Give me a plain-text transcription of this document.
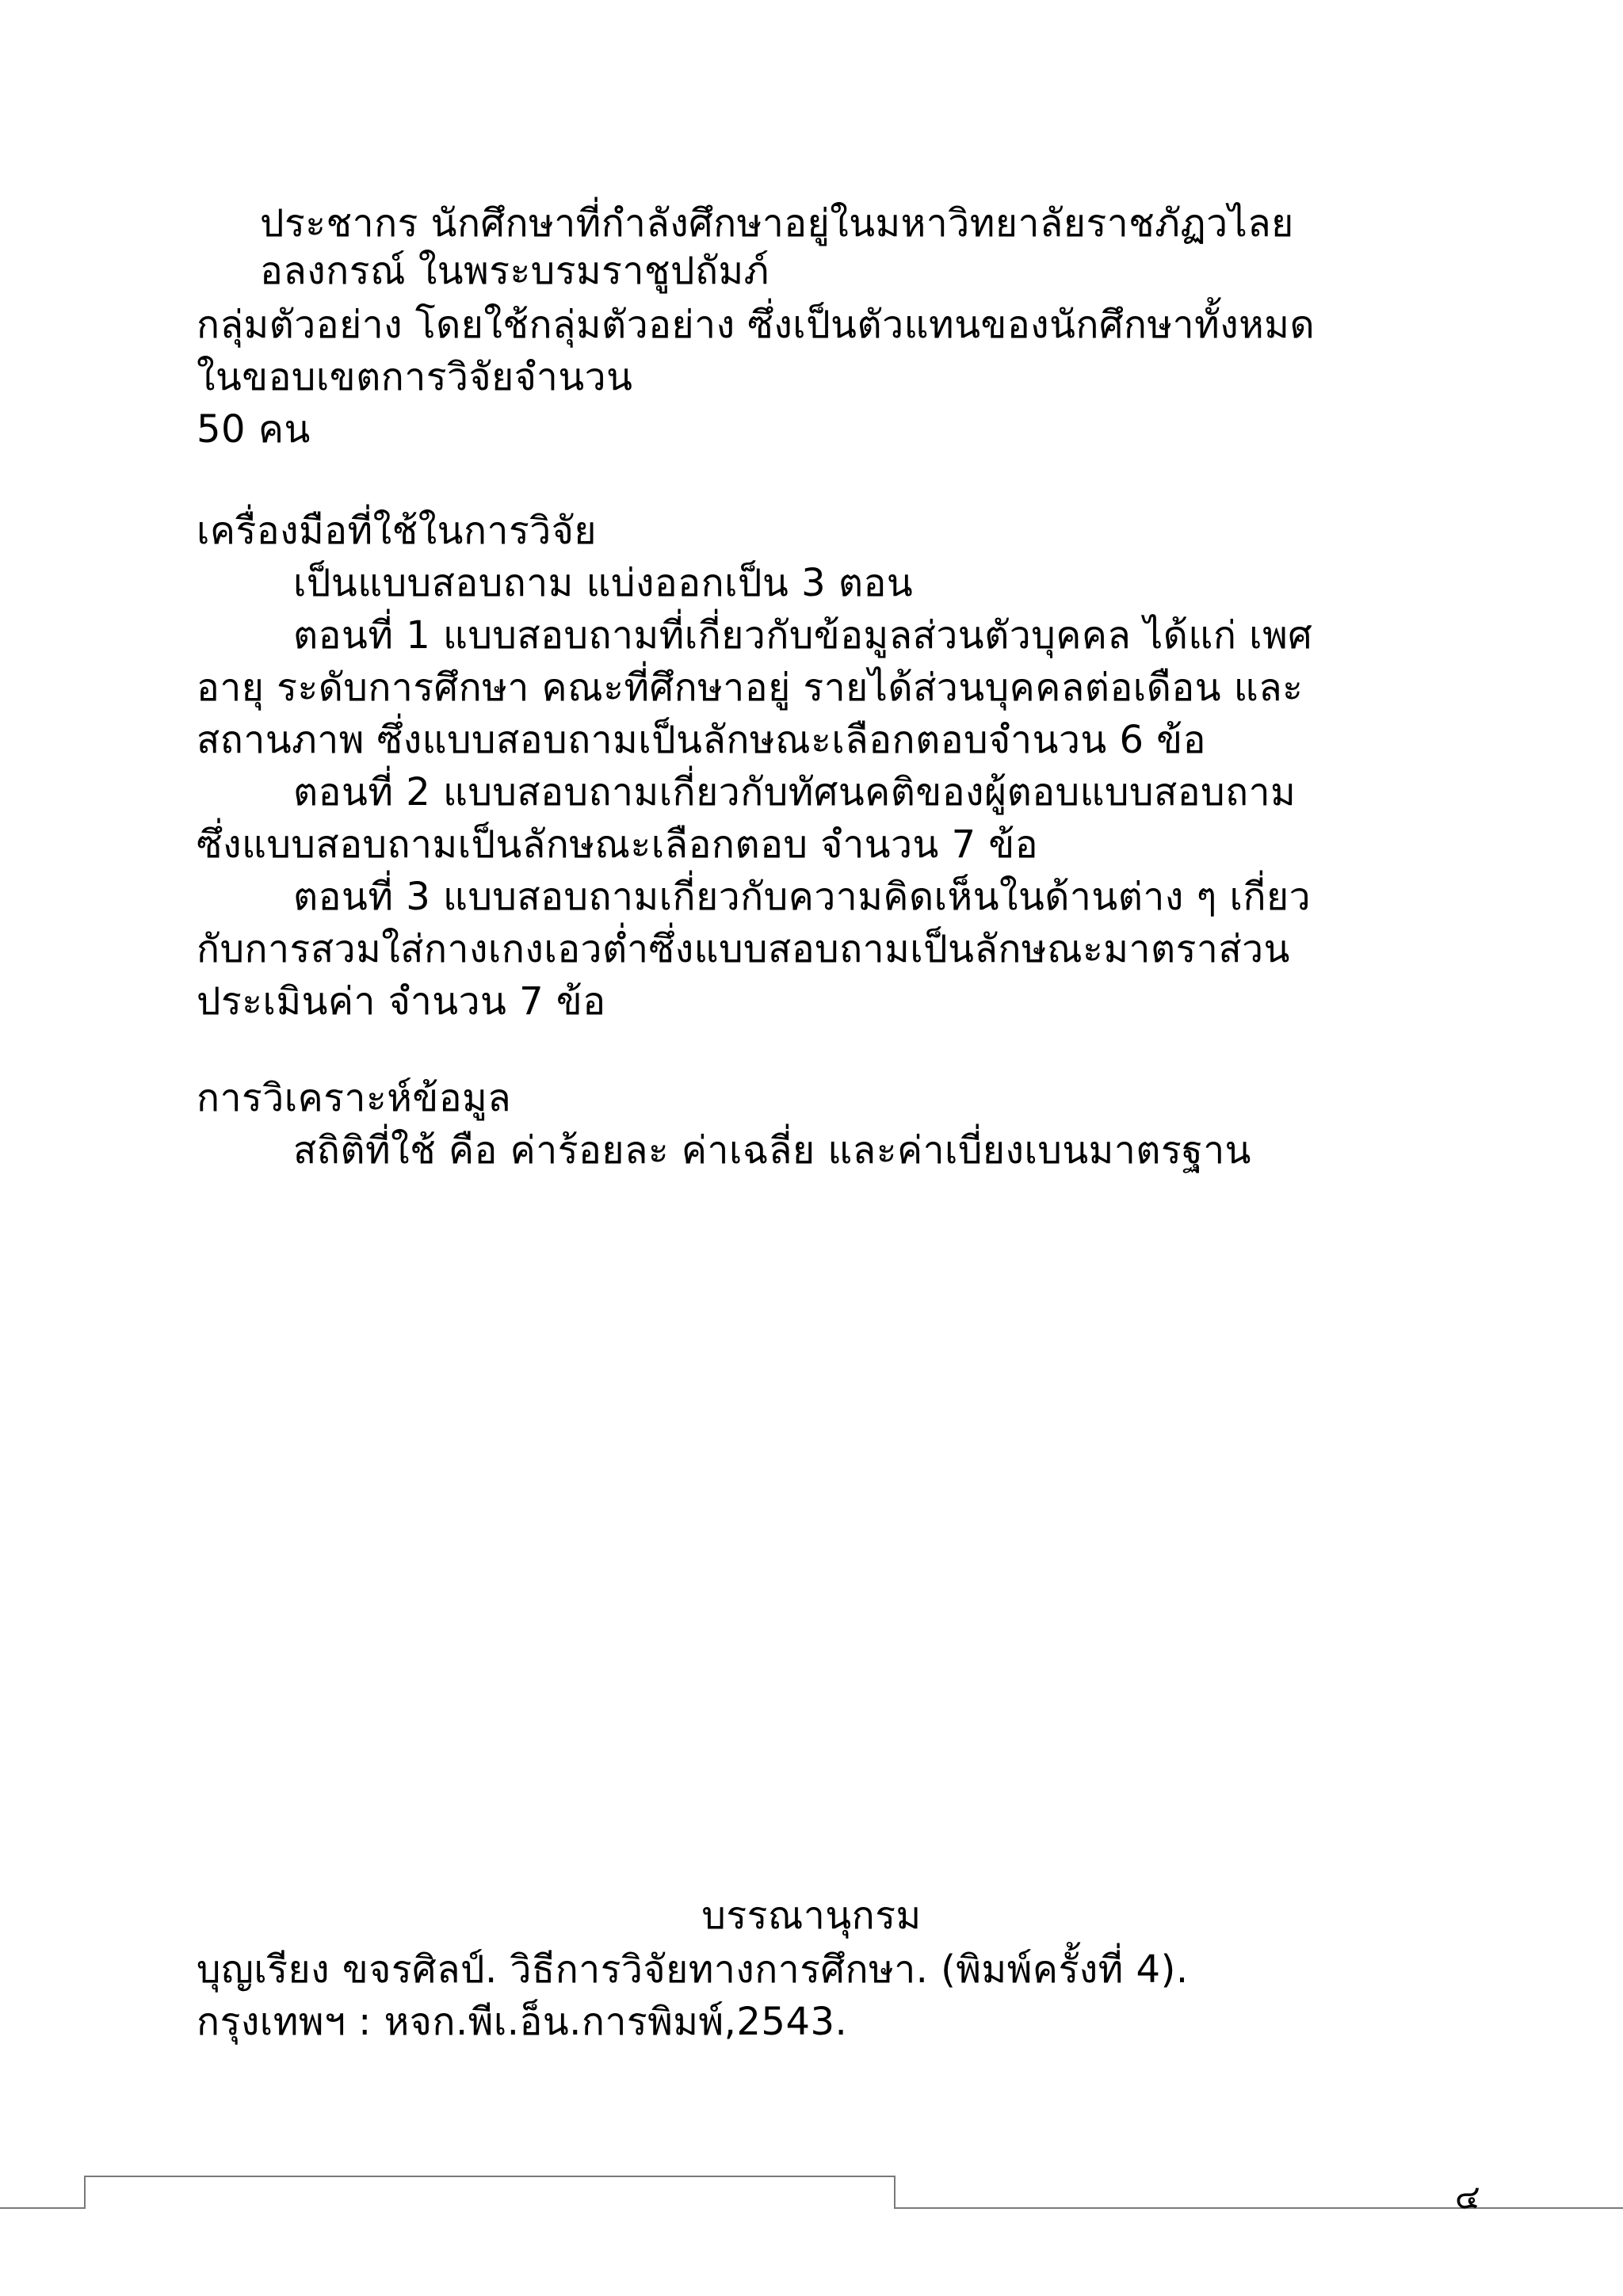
ประชากร นักศึกษาที่กำลังศึกษาอยู่ในมหาวิทยาลัยราชภัฏวไลย
อลงกรณ์ ในพระบรมราชูปถัมภ์
กลุ่มตัวอย่าง โดยใช้กลุ่มตัวอย่าง ซึ่งเป็นตัวแทนของนักศึกษาทั้งหมด
ในขอบเขตการวิจัยจำนวน
50 คน
เครื่องมือที่ใช้ในการวิจัย
เป็นแบบสอบถาม แบ่งออกเป็น 3 ตอน
ตอนที่ 1 แบบสอบถามที่เกี่ยวกับข้อมูลส่วนตัวบุคคล ได้แก่ เพศ
อายุ ระดับการศึกษา คณะที่ศึกษาอยู่ รายได้ส่วนบุคคลต่อเดือน และ
สถานภาพ ซึ่งแบบสอบถามเป็นลักษณะเลือกตอบจำนวน 6 ข้อ
ตอนที่ 2 แบบสอบถามเกี่ยวกับทัศนคติของผู้ตอบแบบสอบถาม
ซึ่งแบบสอบถามเป็นลักษณะเลือกตอบ จำนวน 7 ข้อ
ตอนที่ 3 แบบสอบถามเกี่ยวกับความคิดเห็นในด้านต่าง ๆ เกี่ยว
กับการสวมใส่กางเกงเอวต่ำซึ่งแบบสอบถามเป็นลักษณะมาตราส่วน
ประเมินค่า จำนวน 7 ข้อ
การวิเคราะห์ข้อมูล
สถิติที่ใช้ คือ ค่าร้อยละ ค่าเฉลี่ย และค่าเบี่ยงเบนมาตรฐาน
บรรณานุกรม
บุญเรียง ขจรศิลป์. วิธีการวิจัยทางการศึกษา. (พิมพ์ครั้งที่ 4).
กรุงเทพฯ : หจก.พีเ.อ็น.การพิมพ์,2543.
๔
